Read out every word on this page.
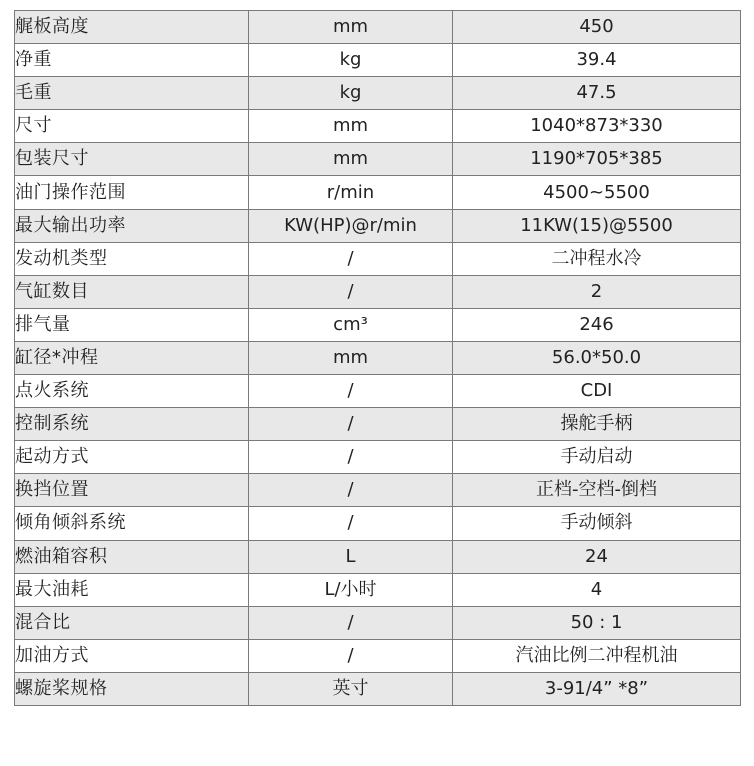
艉板高度	mm	450
净重	kg	39.4
毛重	kg	47.5
尺寸	mm	1040*873*330
包装尺寸	mm	1190*705*385
油门操作范围	r/min	4500~5500
最大输出功率	KW(HP)@r/min	11KW(15)@5500
发动机类型	/	二冲程水冷
气缸数目	/	2
排气量	cm³	246
缸径*冲程	mm	56.0*50.0
点火系统	/	CDI
控制系统	/	操舵手柄
起动方式	/	手动启动
换挡位置	/	正档-空档-倒档
倾角倾斜系统	/	手动倾斜
燃油箱容积	L	24
最大油耗	L/小时	4
混合比	/	50 : 1
加油方式	/	汽油比例二冲程机油
螺旋桨规格	英寸	3-91/4” *8”
